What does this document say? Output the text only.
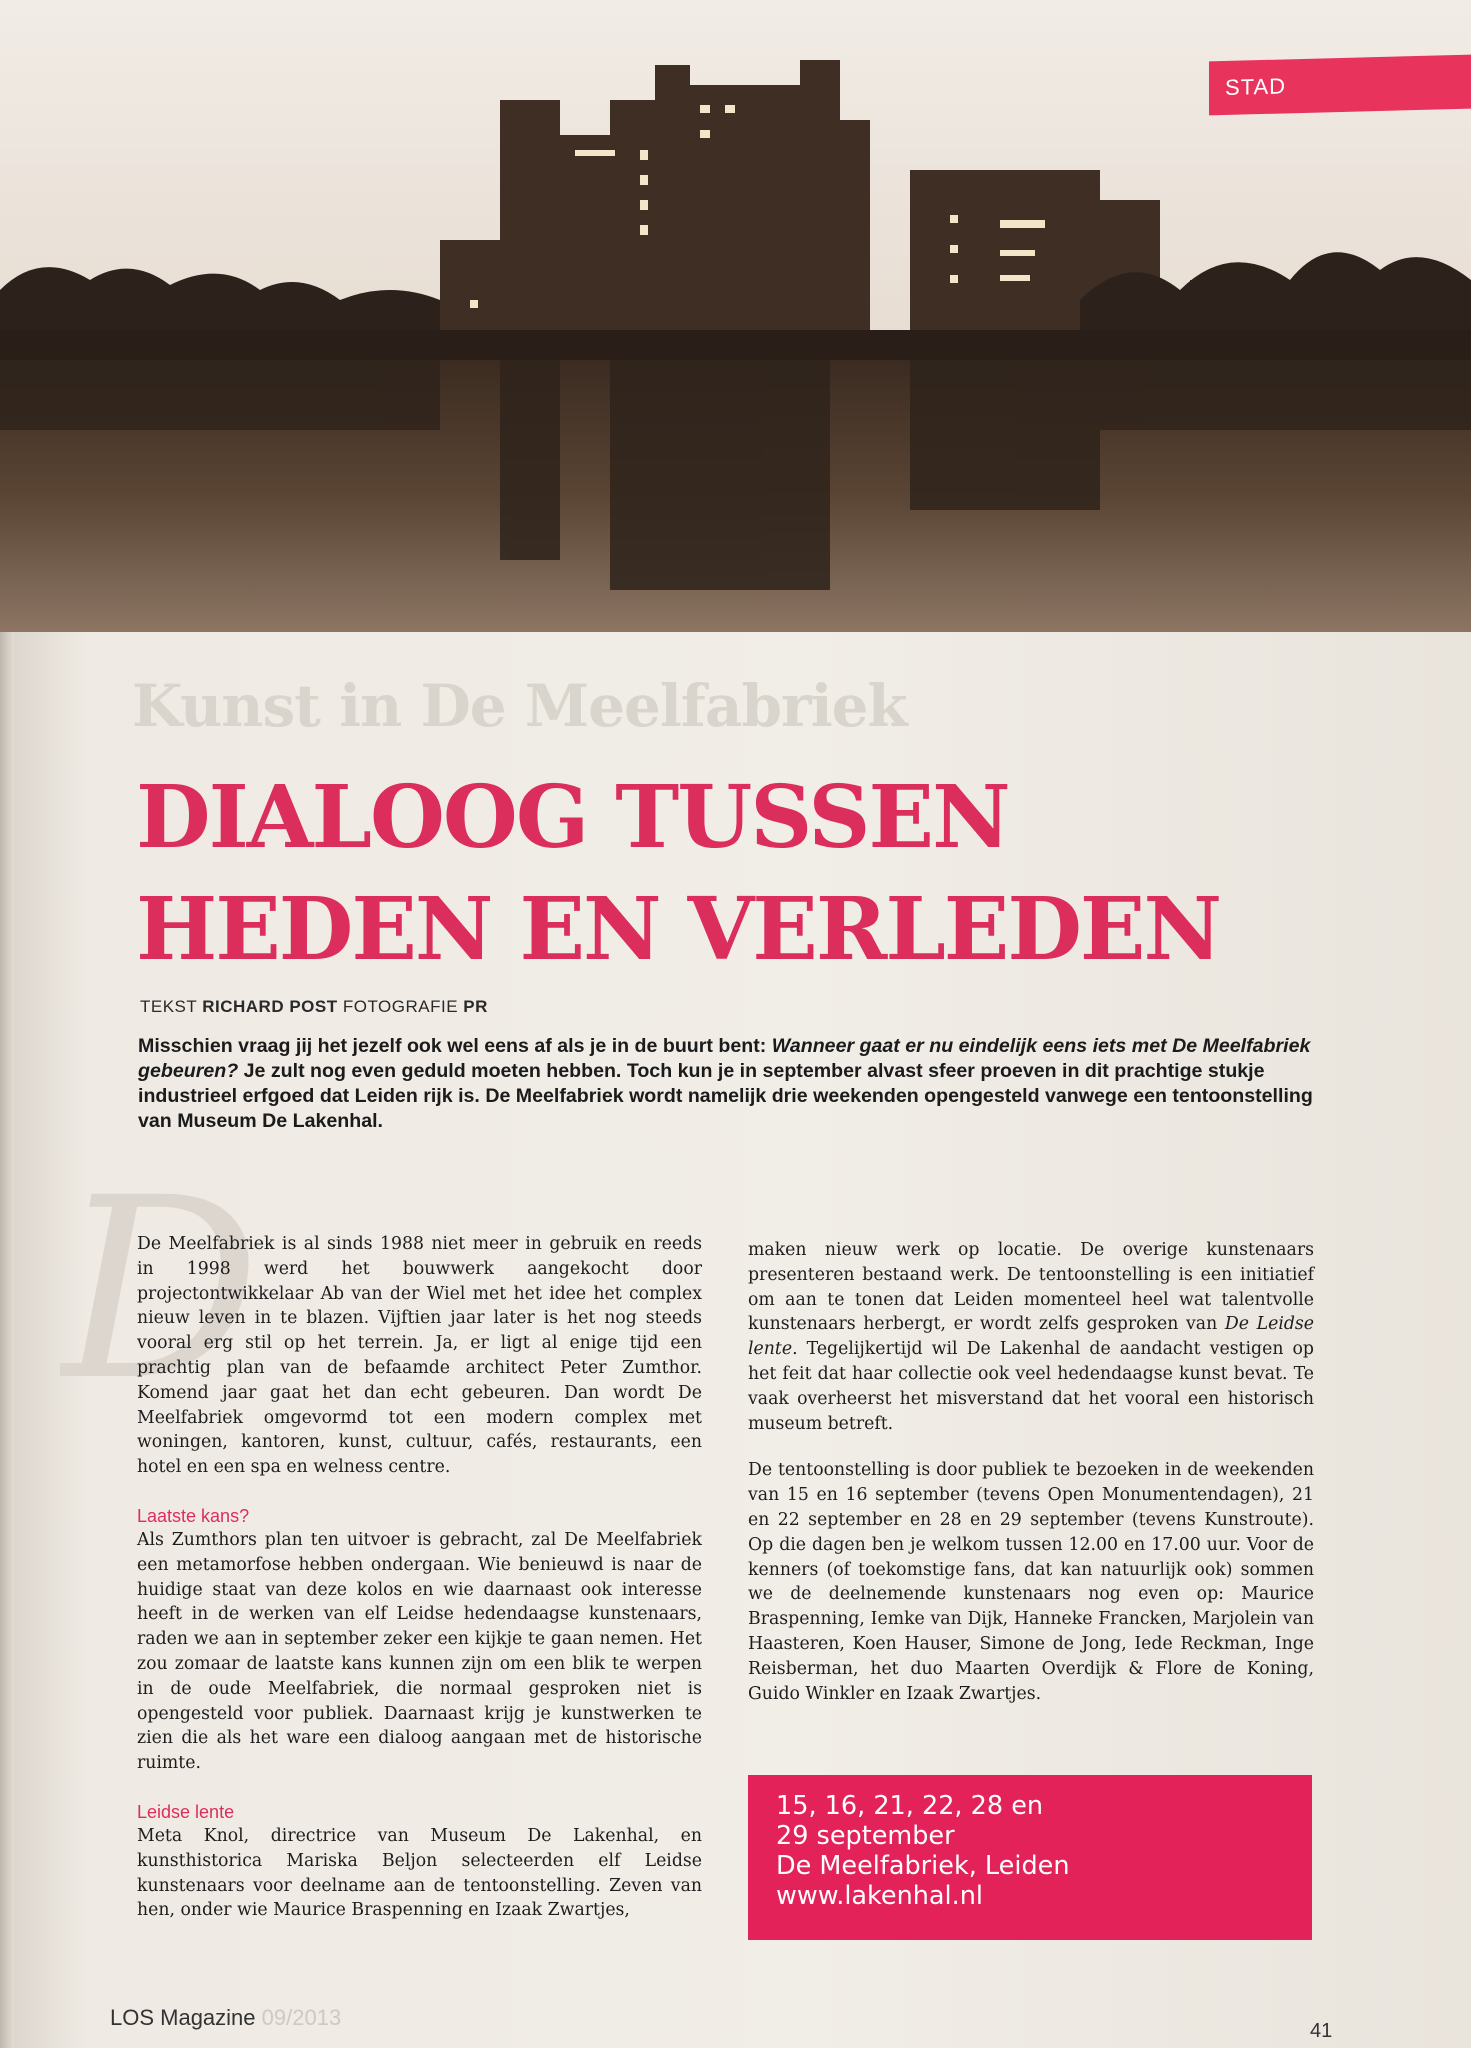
STAD
Kunst in De Meelfabriek
DIALOOG TUSSEN
HEDEN EN VERLEDEN
TEKST RICHARD POST FOTOGRAFIE PR
Misschien vraag jij het jezelf ook wel eens af als je in de buurt bent: Wanneer gaat er nu eindelijk eens iets met De Meelfabriek gebeuren? Je zult nog even geduld moeten hebben. Toch kun je in september alvast sfeer proeven in dit prachtige stukje industrieel erfgoed dat Leiden rijk is. De Meelfabriek wordt namelijk drie weekenden opengesteld vanwege een tentoonstelling van Museum De Lakenhal.
D

De Meelfabriek is al sinds 1988 niet meer in gebruik en reeds in 1998 werd het bouwwerk aangekocht door projectontwikkelaar Ab van der Wiel met het idee het complex nieuw leven in te blazen. Vijftien jaar later is het nog steeds vooral erg stil op het terrein. Ja, er ligt al enige tijd een prachtig plan van de befaamde architect Peter Zumthor. Komend jaar gaat het dan echt gebeuren. Dan wordt De Meelfabriek omgevormd tot een modern complex met woningen, kantoren, kunst, cultuur, cafés, restaurants, een hotel en een spa en welness centre.

Laatste kans?

Als Zumthors plan ten uitvoer is gebracht, zal De Meelfabriek een metamorfose hebben ondergaan. Wie benieuwd is naar de huidige staat van deze kolos en wie daarnaast ook interesse heeft in de werken van elf Leidse hedendaagse kunstenaars, raden we aan in september zeker een kijkje te gaan nemen. Het zou zomaar de laatste kans kunnen zijn om een blik te werpen in de oude Meelfabriek, die normaal gesproken niet is opengesteld voor publiek. Daarnaast krijg je kunstwerken te zien die als het ware een dialoog aangaan met de historische ruimte.

Leidse lente

Meta Knol, directrice van Museum De Lakenhal, en kunsthistorica Mariska Beljon selecteerden elf Leidse kunstenaars voor deelname aan de tentoonstelling. Zeven van hen, onder wie Maurice Braspenning en Izaak Zwartjes,

maken nieuw werk op locatie. De overige kunstenaars presenteren bestaand werk. De tentoonstelling is een initiatief om aan te tonen dat Leiden momenteel heel wat talentvolle kunstenaars herbergt, er wordt zelfs gesproken van De Leidse lente. Tegelijkertijd wil De Lakenhal de aandacht vestigen op het feit dat haar collectie ook veel hedendaagse kunst bevat. Te vaak overheerst het misverstand dat het vooral een historisch museum betreft.

De tentoonstelling is door publiek te bezoeken in de weekenden van 15 en 16 september (tevens Open Monumentendagen), 21 en 22 september en 28 en 29 september (tevens Kunstroute). Op die dagen ben je welkom tussen 12.00 en 17.00 uur. Voor de kenners (of toekomstige fans, dat kan natuurlijk ook) sommen we de deelnemende kunstenaars nog even op: Maurice Braspenning, Iemke van Dijk, Hanneke Francken, Marjolein van Haasteren, Koen Hauser, Simone de Jong, Iede Reckman, Inge Reisberman, het duo Maarten Overdijk & Flore de Koning, Guido Winkler en Izaak Zwartjes.

15, 16, 21, 22, 28 en
29 september
De Meelfabriek, Leiden
www.lakenhal.nl
LOS Magazine 09/2013
41
